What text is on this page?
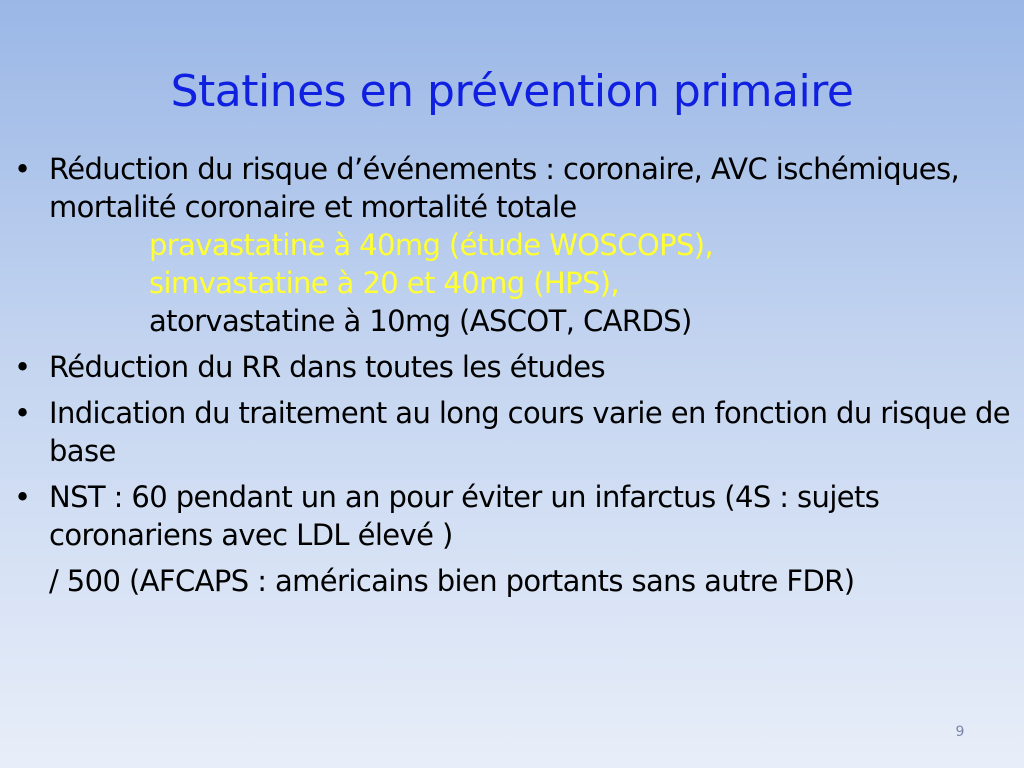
Statines en prévention primaire
• Réduction du risque d’événements : coronaire, AVC ischémiques, mortalité coronaire et mortalité totale
pravastatine à 40mg (étude WOSCOPS),
simvastatine à 20 et 40mg (HPS),
atorvastatine à 10mg (ASCOT, CARDS)
• Réduction du RR dans toutes les études
• Indication du traitement au long cours varie en fonction du risque de base
• NST : 60 pendant un an pour éviter un infarctus (4S : sujets coronariens avec LDL élevé )
/ 500 (AFCAPS : américains bien portants sans autre FDR)
9
